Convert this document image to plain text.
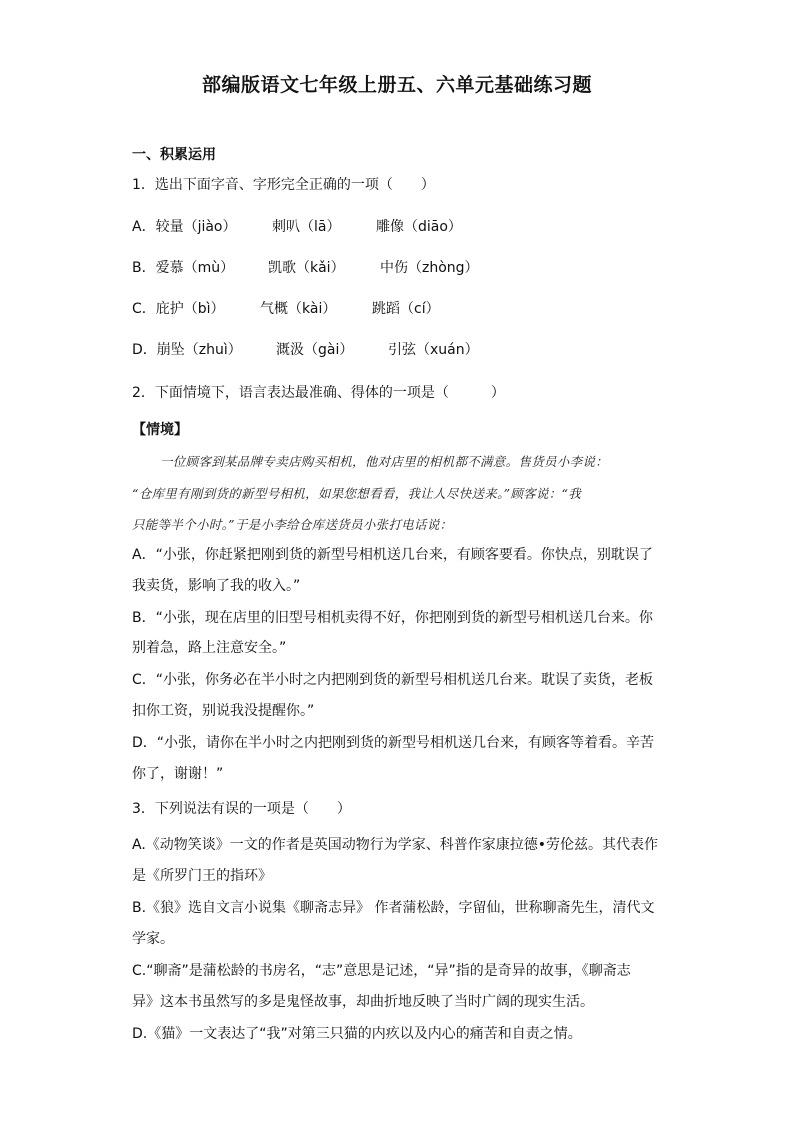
部编版语文七年级上册五、六单元基础练习题
一、积累运用
1．选出下面字音、字形完全正确的一项（　　）
A．较量（jiào）	刺叭（lā）	雕像（diāo）
B．爱慕（mù） 凯歌（kǎi）	中伤（zhòng）
C．庇护（bì）	气概（kài）	跳蹈（cí）
D．崩坠（zhuì） 溉汲（gài） 引弦（xuán）
2．下面情境下，语言表达最准确、得体的一项是（　　　）
【情境】
一位顾客到某品牌专卖店购买相机，他对店里的相机都不满意。售货员小李说：
“仓库里有刚到货的新型号相机，如果您想看看，我让人尽快送来。”顾客说：“我
只能等半个小时。”于是小李给仓库送货员小张打电话说：
A．“小张，你赶紧把刚到货的新型号相机送几台来，有顾客要看。你快点，别耽误了
我卖货，影响了我的收入。”
B．“小张，现在店里的旧型号相机卖得不好，你把刚到货的新型号相机送几台来。你
别着急，路上注意安全。”
C．“小张，你务必在半小时之内把刚到货的新型号相机送几台来。耽误了卖货，老板
扣你工资，别说我没提醒你。”
D．“小张，请你在半小时之内把刚到货的新型号相机送几台来，有顾客等着看。辛苦
你了，谢谢！”
3．下列说法有误的一项是（　　）
A.《动物笑谈》一文的作者是英国动物行为学家、科普作家康拉德•劳伦兹。其代表作
是《所罗门王的指环》
B.《狼》选自文言小说集《聊斋志异》 作者蒲松龄，字留仙，世称聊斋先生，清代文
学家。
C.“聊斋”是蒲松龄的书房名，“志”意思是记述，“异”指的是奇异的故事，《聊斋志
异》这本书虽然写的多是鬼怪故事，却曲折地反映了当时广阔的现实生活。
D.《猫》一文表达了“我”对第三只猫的内疚以及内心的痛苦和自责之情。
